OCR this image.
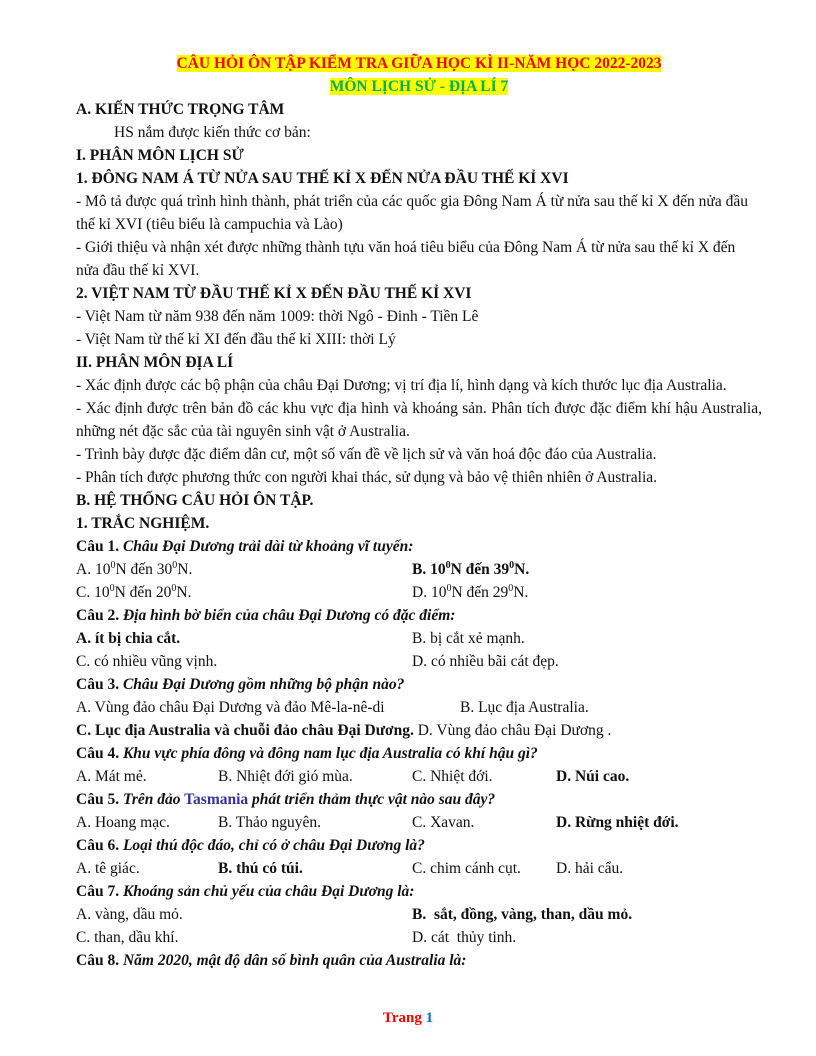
CÂU HỎI ÔN TẬP KIỂM TRA GIỮA HỌC KÌ II-NĂM HỌC 2022-2023
MÔN LỊCH SỬ - ĐỊA LÍ 7

A. KIẾN THỨC TRỌNG TÂM

HS nắm được kiến thức cơ bản:

I. PHÂN MÔN LỊCH SỬ

1. ĐÔNG NAM Á TỪ NỬA SAU THẾ KỈ X ĐẾN NỬA ĐẦU THẾ KỈ XVI

- Mô tả được quá trình hình thành, phát triển của các quốc gia Đông Nam Á từ nửa sau thế kỉ X đến nửa đầu thế kỉ XVI (tiêu biểu là campuchia và Lào)

- Giới thiệu và nhận xét được những thành tựu văn hoá tiêu biểu của Đông Nam Á từ nửa sau thế kỉ X đến nửa đầu thế kỉ XVI.

2. VIỆT NAM TỪ ĐẦU THẾ KỈ X ĐẾN ĐẦU THẾ KỈ XVI

- Việt Nam từ năm 938 đến năm 1009: thời Ngô - Đinh - Tiền Lê

- Việt Nam từ thế kỉ XI đến đầu thế kỉ XIII: thời Lý

II. PHÂN MÔN ĐỊA LÍ

- Xác định được các bộ phận của châu Đại Dương; vị trí địa lí, hình dạng và kích thước lục địa Australia.

- Xác định được trên bản đồ các khu vực địa hình và khoáng sản. Phân tích được đặc điểm khí hậu Australia, những nét đặc sắc của tài nguyên sinh vật ở Australia.

- Trình bày được đặc điểm dân cư, một số vấn đề về lịch sử và văn hoá độc đáo của Australia.

- Phân tích được phương thức con người khai thác, sử dụng và bảo vệ thiên nhiên ở Australia.

B. HỆ THỐNG CÂU HỎI ÔN TẬP.

1. TRẮC NGHIỆM.

Câu 1. Châu Đại Dương trải dài từ khoảng vĩ tuyến:

A. $10^0N$ đến $30^0N$.	B. $10^0N$ đến $39^0N$.
C. $10^0N$ đến $20^0N$.	D. $10^0N$ đến $29^0N$.

Câu 2. Địa hình bờ biển của châu Đại Dương có đặc điểm:

A. ít bị chia cắt.	B. bị cắt xẻ mạnh.
C. có nhiều vũng vịnh.	D. có nhiều bãi cát đẹp.

Câu 3. Châu Đại Dương gồm những bộ phận nào?

A. Vùng đảo châu Đại Dương và đảo Mê-la-nê-di	B. Lục địa Australia.
C. Lục địa Australia và chuỗi đảo châu Đại Dương.
D. Vùng đảo châu Đại Dương .

Câu 4. Khu vực phía đông và đông nam lục địa Australia có khí hậu gì?

A. Mát mẻ.	B. Nhiệt đới gió mùa.	C. Nhiệt đới.	D. Núi cao.

Câu 5. Trên đảo Tasmania phát triển thảm thực vật nào sau đây?

A. Hoang mạc.	B. Thảo nguyên.	C. Xavan.	D. Rừng nhiệt đới.

Câu 6. Loại thú độc đáo, chỉ có ở châu Đại Dương là?

A. tê giác.	B. thú có túi.	C. chim cánh cụt.	D. hải cẩu.

Câu 7. Khoáng sản chủ yếu của châu Đại Dương là:

A. vàng, dầu mỏ.	B.  sắt, đồng, vàng, than, dầu mỏ.
C. than, dầu khí.	D. cát  thủy tinh.

Câu 8. Năm 2020, mật độ dân số bình quân của Australia là:

Trang 1
